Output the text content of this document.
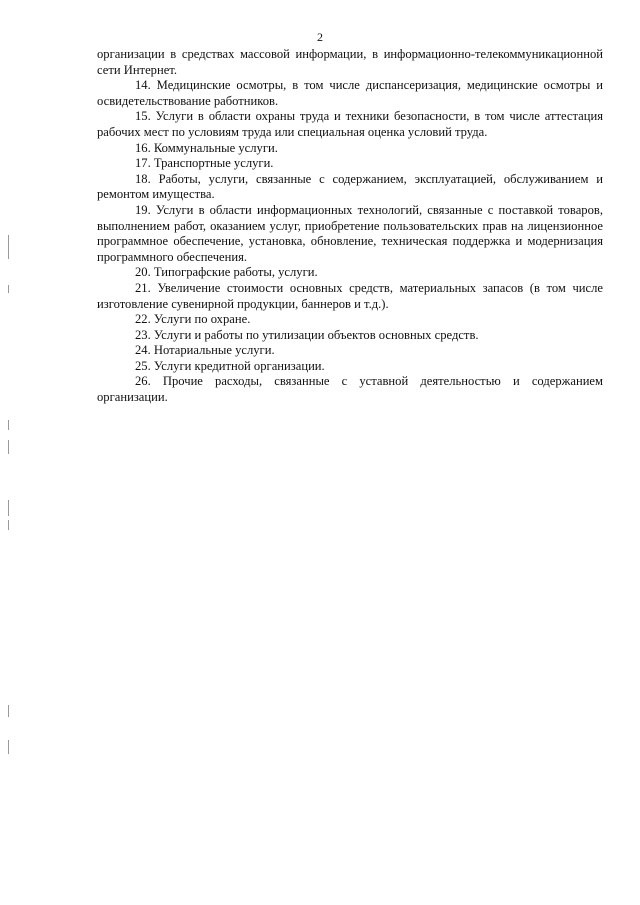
2

организации в средствах массовой информации, в информационно-телекоммуникационной сети Интернет.

14. Медицинские осмотры, в том числе диспансеризация, медицинские осмотры и освидетельствование работников.

15. Услуги в области охраны труда и техники безопасности, в том числе аттестация рабочих мест по условиям труда или специальная оценка условий труда.

16. Коммунальные услуги.

17. Транспортные услуги.

18. Работы, услуги, связанные с содержанием, эксплуатацией, обслуживанием и ремонтом имущества.

19. Услуги в области информационных технологий, связанные с поставкой товаров, выполнением работ, оказанием услуг, приобретение пользовательских прав на лицензионное программное обеспечение, установка, обновление, техническая поддержка и модернизация программного обеспечения.

20. Типографские работы, услуги.

21. Увеличение стоимости основных средств, материальных запасов (в том числе изготовление сувенирной продукции, баннеров и т.д.).

22. Услуги по охране.

23. Услуги и работы по утилизации объектов основных средств.

24. Нотариальные услуги.

25. Услуги кредитной организации.

26. Прочие расходы, связанные с уставной деятельностью и содержанием организации.
